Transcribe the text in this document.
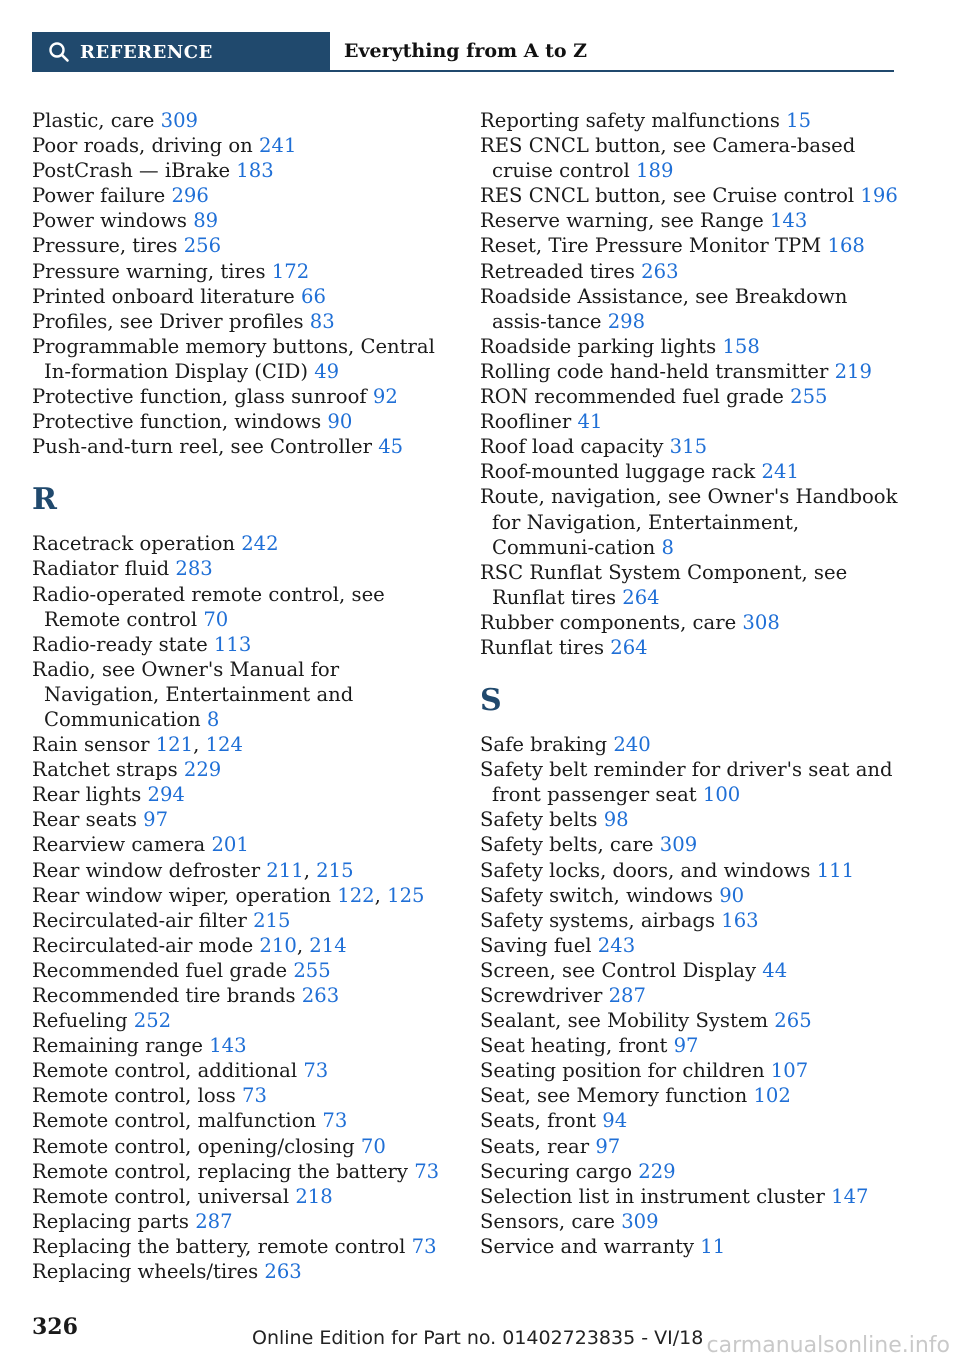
REFERENCE	Everything from A to Z
Plastic, care 309
Poor roads, driving on 241
PostCrash — iBrake 183
Power failure 296
Power windows 89
Pressure, tires 256
Pressure warning, tires 172
Printed onboard literature 66
Profiles, see Driver profiles 83
Programmable memory buttons, Central In‐formation Display (CID) 49
Protective function, glass sunroof 92
Protective function, windows 90
Push-and-turn reel, see Controller 45
R
Racetrack operation 242
Radiator fluid 283
Radio-operated remote control, see Remote control 70
Radio-ready state 113
Radio, see Owner's Manual for Navigation, Entertainment and Communication 8
Rain sensor 121, 124
Ratchet straps 229
Rear lights 294
Rear seats 97
Rearview camera 201
Rear window defroster 211, 215
Rear window wiper, operation 122, 125
Recirculated-air filter 215
Recirculated-air mode 210, 214
Recommended fuel grade 255
Recommended tire brands 263
Refueling 252
Remaining range 143
Remote control, additional 73
Remote control, loss 73
Remote control, malfunction 73
Remote control, opening/closing 70
Remote control, replacing the battery 73
Remote control, universal 218
Replacing parts 287
Replacing the battery, remote control 73
Replacing wheels/tires 263
Reporting safety malfunctions 15
RES CNCL button, see Camera-based cruise control 189
RES CNCL button, see Cruise control 196
Reserve warning, see Range 143
Reset, Tire Pressure Monitor TPM 168
Retreaded tires 263
Roadside Assistance, see Breakdown assis‐tance 298
Roadside parking lights 158
Rolling code hand-held transmitter 219
RON recommended fuel grade 255
Roofliner 41
Roof load capacity 315
Roof-mounted luggage rack 241
Route, navigation, see Owner's Handbook for Navigation, Entertainment, Communi‐cation 8
RSC Runflat System Component, see Runflat tires 264
Rubber components, care 308
Runflat tires 264
S
Safe braking 240
Safety belt reminder for driver's seat and front passenger seat 100
Safety belts 98
Safety belts, care 309
Safety locks, doors, and windows 111
Safety switch, windows 90
Safety systems, airbags 163
Saving fuel 243
Screen, see Control Display 44
Screwdriver 287
Sealant, see Mobility System 265
Seat heating, front 97
Seating position for children 107
Seat, see Memory function 102
Seats, front 94
Seats, rear 97
Securing cargo 229
Selection list in instrument cluster 147
Sensors, care 309
Service and warranty 11
326	Online Edition for Part no. 01402723835 - VI/18 carmanualsonline.info
